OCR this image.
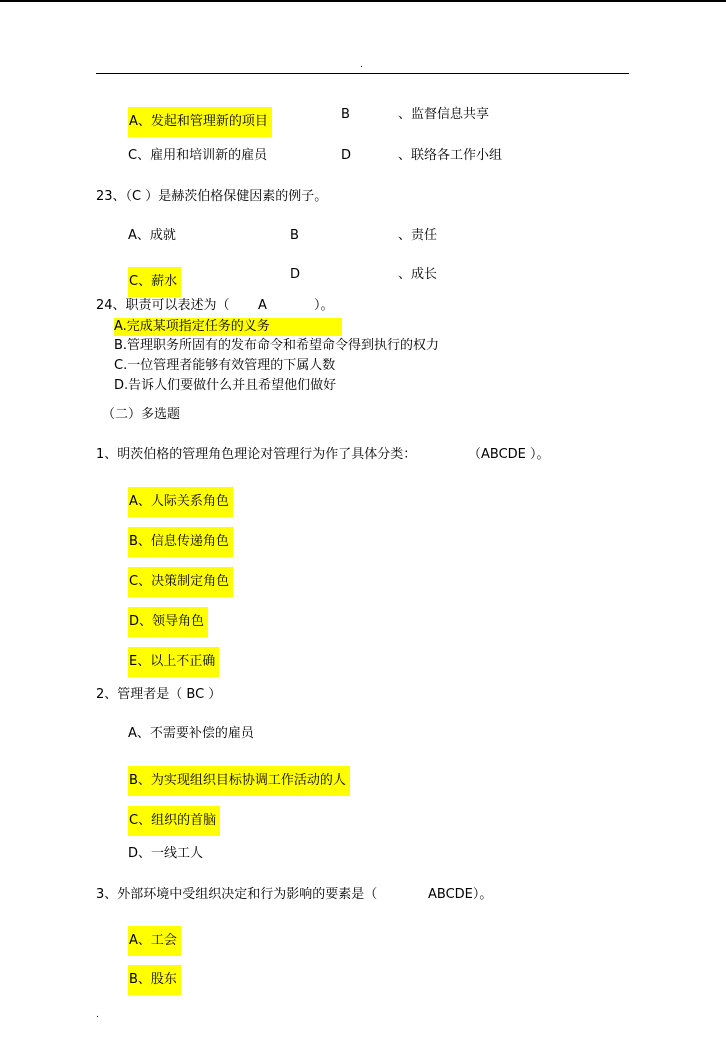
.
A、发起和管理新的项目	B	、监督信息共享
C、雇用和培训新的雇员	D	、联络各工作小组
23、（C ）是赫茨伯格保健因素的例子。
A、成就	B	、责任
C、薪水	D	、成长
24、职责可以表述为（ A	）。
A.完成某项指定任务的义务
B.管理职务所固有的发布命令和希望命令得到执行的权力
C.一位管理者能够有效管理的下属人数
D.告诉人们要做什么并且希望他们做好
（二）多选题
1、明茨伯格的管理角色理论对管理行为作了具体分类：	（ABCDE ）。
A、人际关系角色
B、信息传递角色
C、决策制定角色
D、领导角色
E、以上不正确
2、管理者是（ BC ）
A、不需要补偿的雇员
B、为实现组织目标协调工作活动的人
C、组织的首脑
D、一线工人
3、外部环境中受组织决定和行为影响的要素是（	ABCDE）。
A、工会
B、股东
.
